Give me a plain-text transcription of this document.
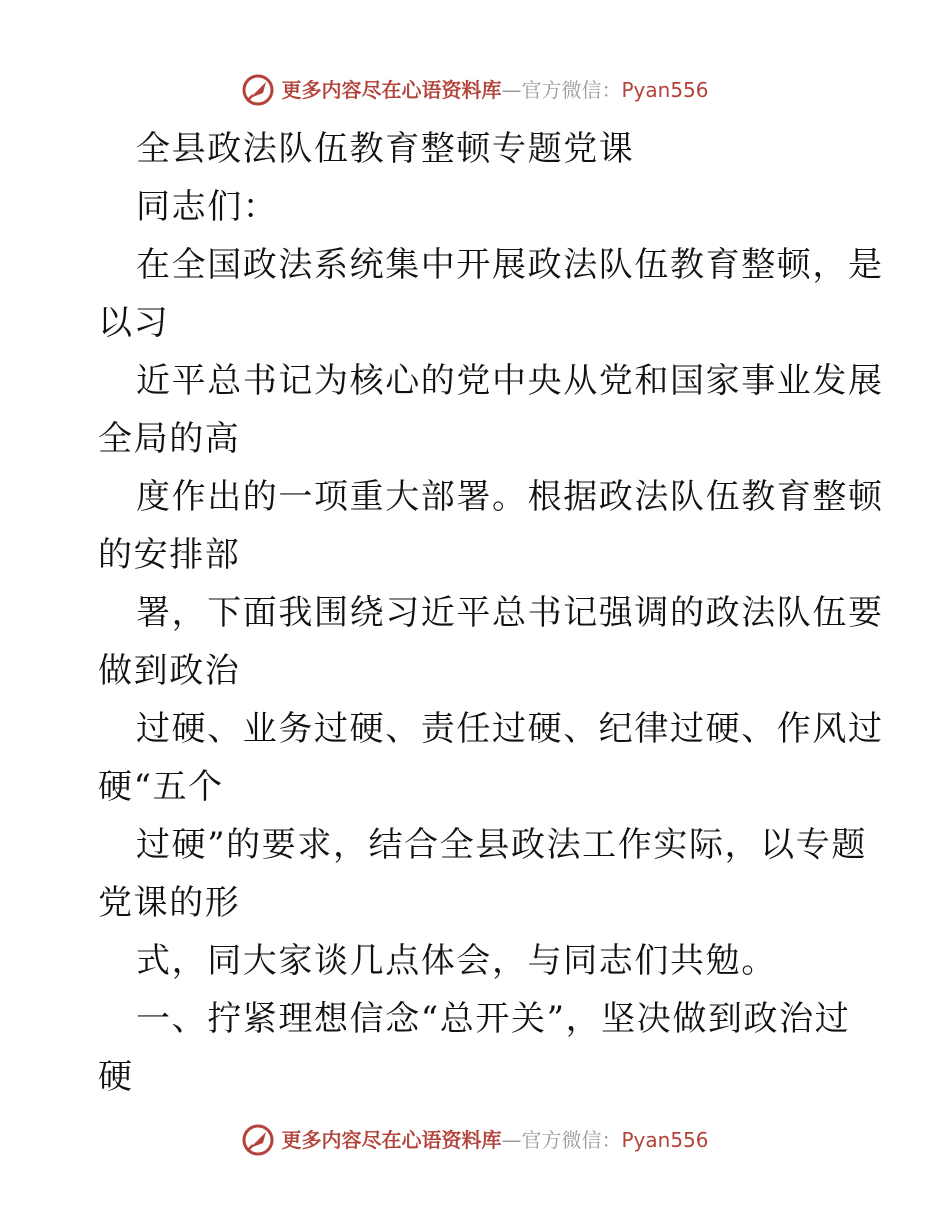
更多内容尽在心语资料库—官方微信：Pyan556

全县政法队伍教育整顿专题党课

同志们：

在全国政法系统集中开展政法队伍教育整顿，是

以习

近平总书记为核心的党中央从党和国家事业发展

全局的高

度作出的一项重大部署。根据政法队伍教育整顿

的安排部

署，下面我围绕习近平总书记强调的政法队伍要

做到政治

过硬、业务过硬、责任过硬、纪律过硬、作风过

硬“五个

过硬”的要求，结合全县政法工作实际，以专题

党课的形

式，同大家谈几点体会，与同志们共勉。

一、拧紧理想信念“总开关”，坚决做到政治过

硬

更多内容尽在心语资料库—官方微信：Pyan556
